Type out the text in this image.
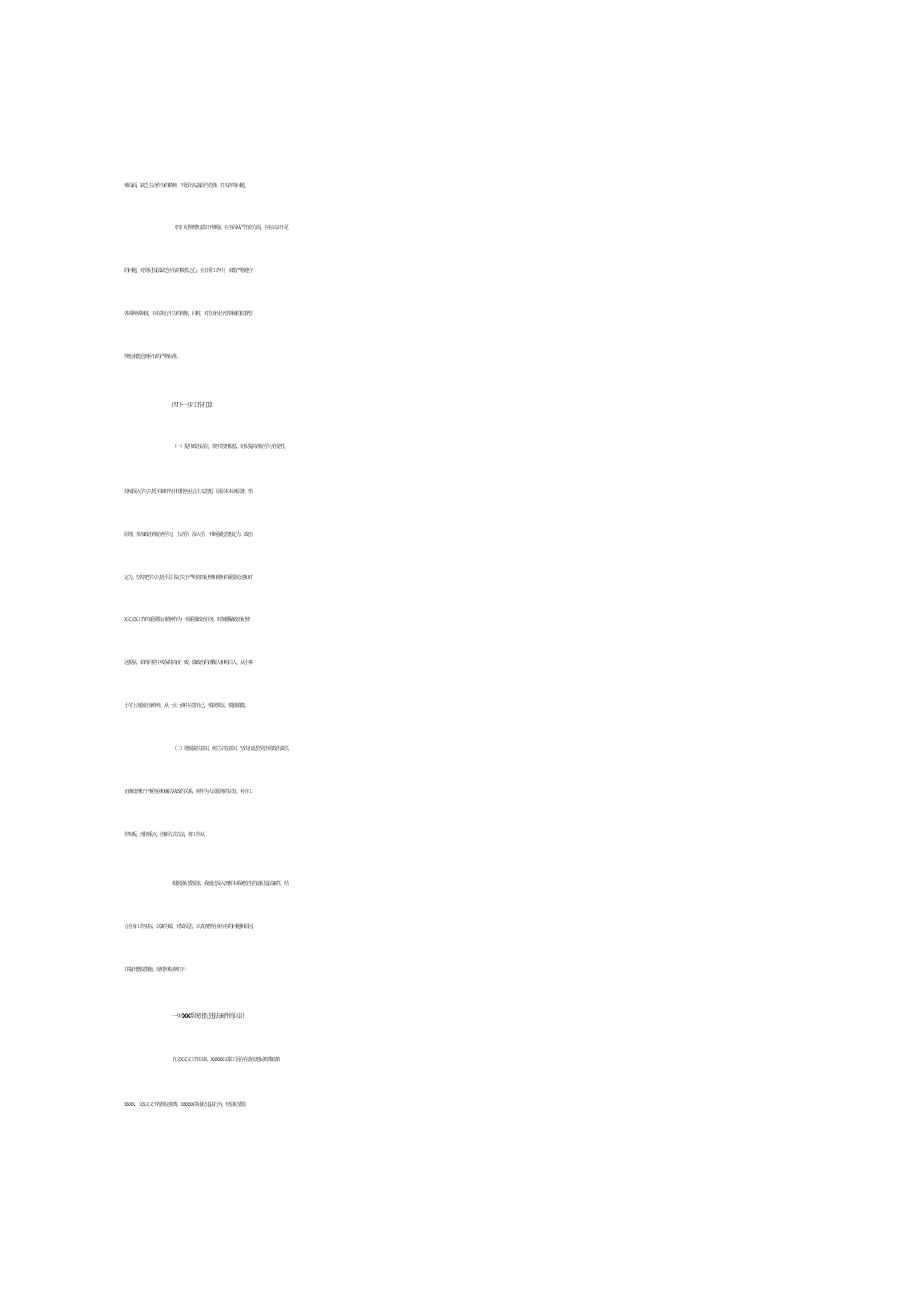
难局面，缺乏主动作为的精神，不愿出头露面当先锋、打头阵等问题。
（四）纪律规矩意识不够强。在全面从严治党方面，存在认识不足
的问题，对党纪国法缺乏应有的敬畏之心。在日常工作中，未能严格遵守
各项规章制度，存在执行不力的现象，同时，对自身及分管领域的监督管
理也未能达到应有的严格标准。
四'下一步工作打算
（一）提升政治站位，筑牢思想根基。切实提高理论学习自觉性，
持续深入学习习近平新时代中国特色社会主义思想，原原本本读原著、悟
原理，参加政治理论再学习，主动学、深入学，不断强化思想定力、政治
定力。坚持把学习习近平总书记关于严明党的纪律和规矩的重要论述和对
X义义X工作的重要指示精神作为一项重要政治任务，时刻绷紧政治纪律
这根弦，始终同党中央保持高度一致，做政治的清醒人和明白人。从小事
小节上加强自身修养，从一点一滴中完善自己，慎欲慎交、慎独慎微。
（二）增强责任意识，树立宗旨意识。坚决扛起管党治党政治责任，
正确处理好干事创业和廉洁从政的关系，树牢为人民服务的宗旨，补齐工
作短板，理清重点，创新方式方法，将工作从
根据县纪委要求，我通过深入剖析本系统发生的违纪违法案件，结
合自身工作实际，以案为镜、对镜反思，认真查摆自身存在的问题和原因，
并提出整改措施。现对照检查如下：
一'对XX系统违纪违法案件的认识
自义X义义工作以来，XXXXX义职工因存在落实惠民殡葬政策
XXXX、义X义义不按规定收费、XXXXX等违纪违法行为，经县纪委监
